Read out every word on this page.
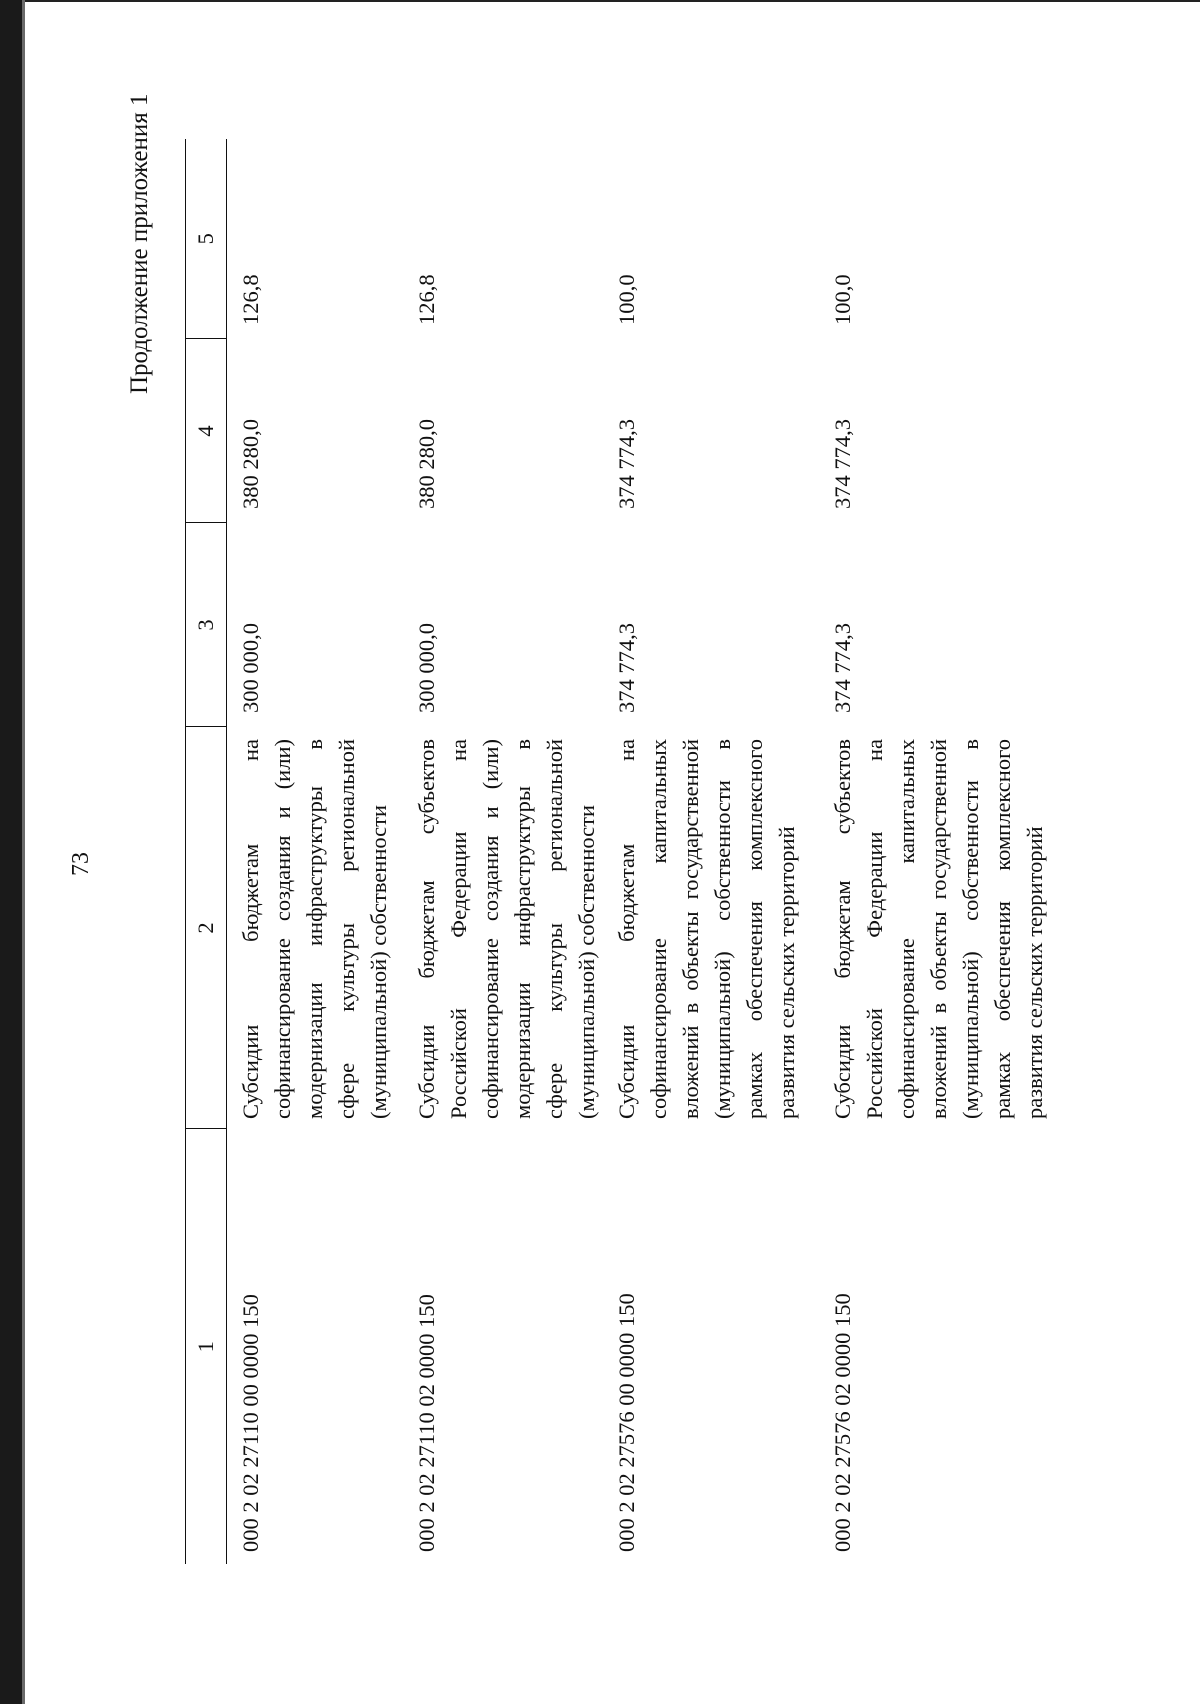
73
Продолжение приложения 1
1	2	3	4	5
000 2 02 27110 00 0000 150	Субсидии бюджетам на софинансирование создания и (или) модернизации инфраструктуры в сфере культуры региональной (муниципальной) собственности	300 000,0	380 280,0	126,8
000 2 02 27110 02 0000 150	Субсидии бюджетам субъектов Российской Федерации на софинансирование создания и (или) модернизации инфраструктуры в сфере культуры региональной (муниципальной) собственности	300 000,0	380 280,0	126,8
000 2 02 27576 00 0000 150	Субсидии бюджетам на софинансирование капитальных вложений в объекты государственной (муниципальной) собственности в рамках обеспечения комплексного развития сельских территорий	374 774,3	374 774,3	100,0
000 2 02 27576 02 0000 150	Субсидии бюджетам субъектов Российской Федерации на софинансирование капитальных вложений в объекты государственной (муниципальной) собственности в рамках обеспечения комплексного развития сельских территорий	374 774,3	374 774,3	100,0
